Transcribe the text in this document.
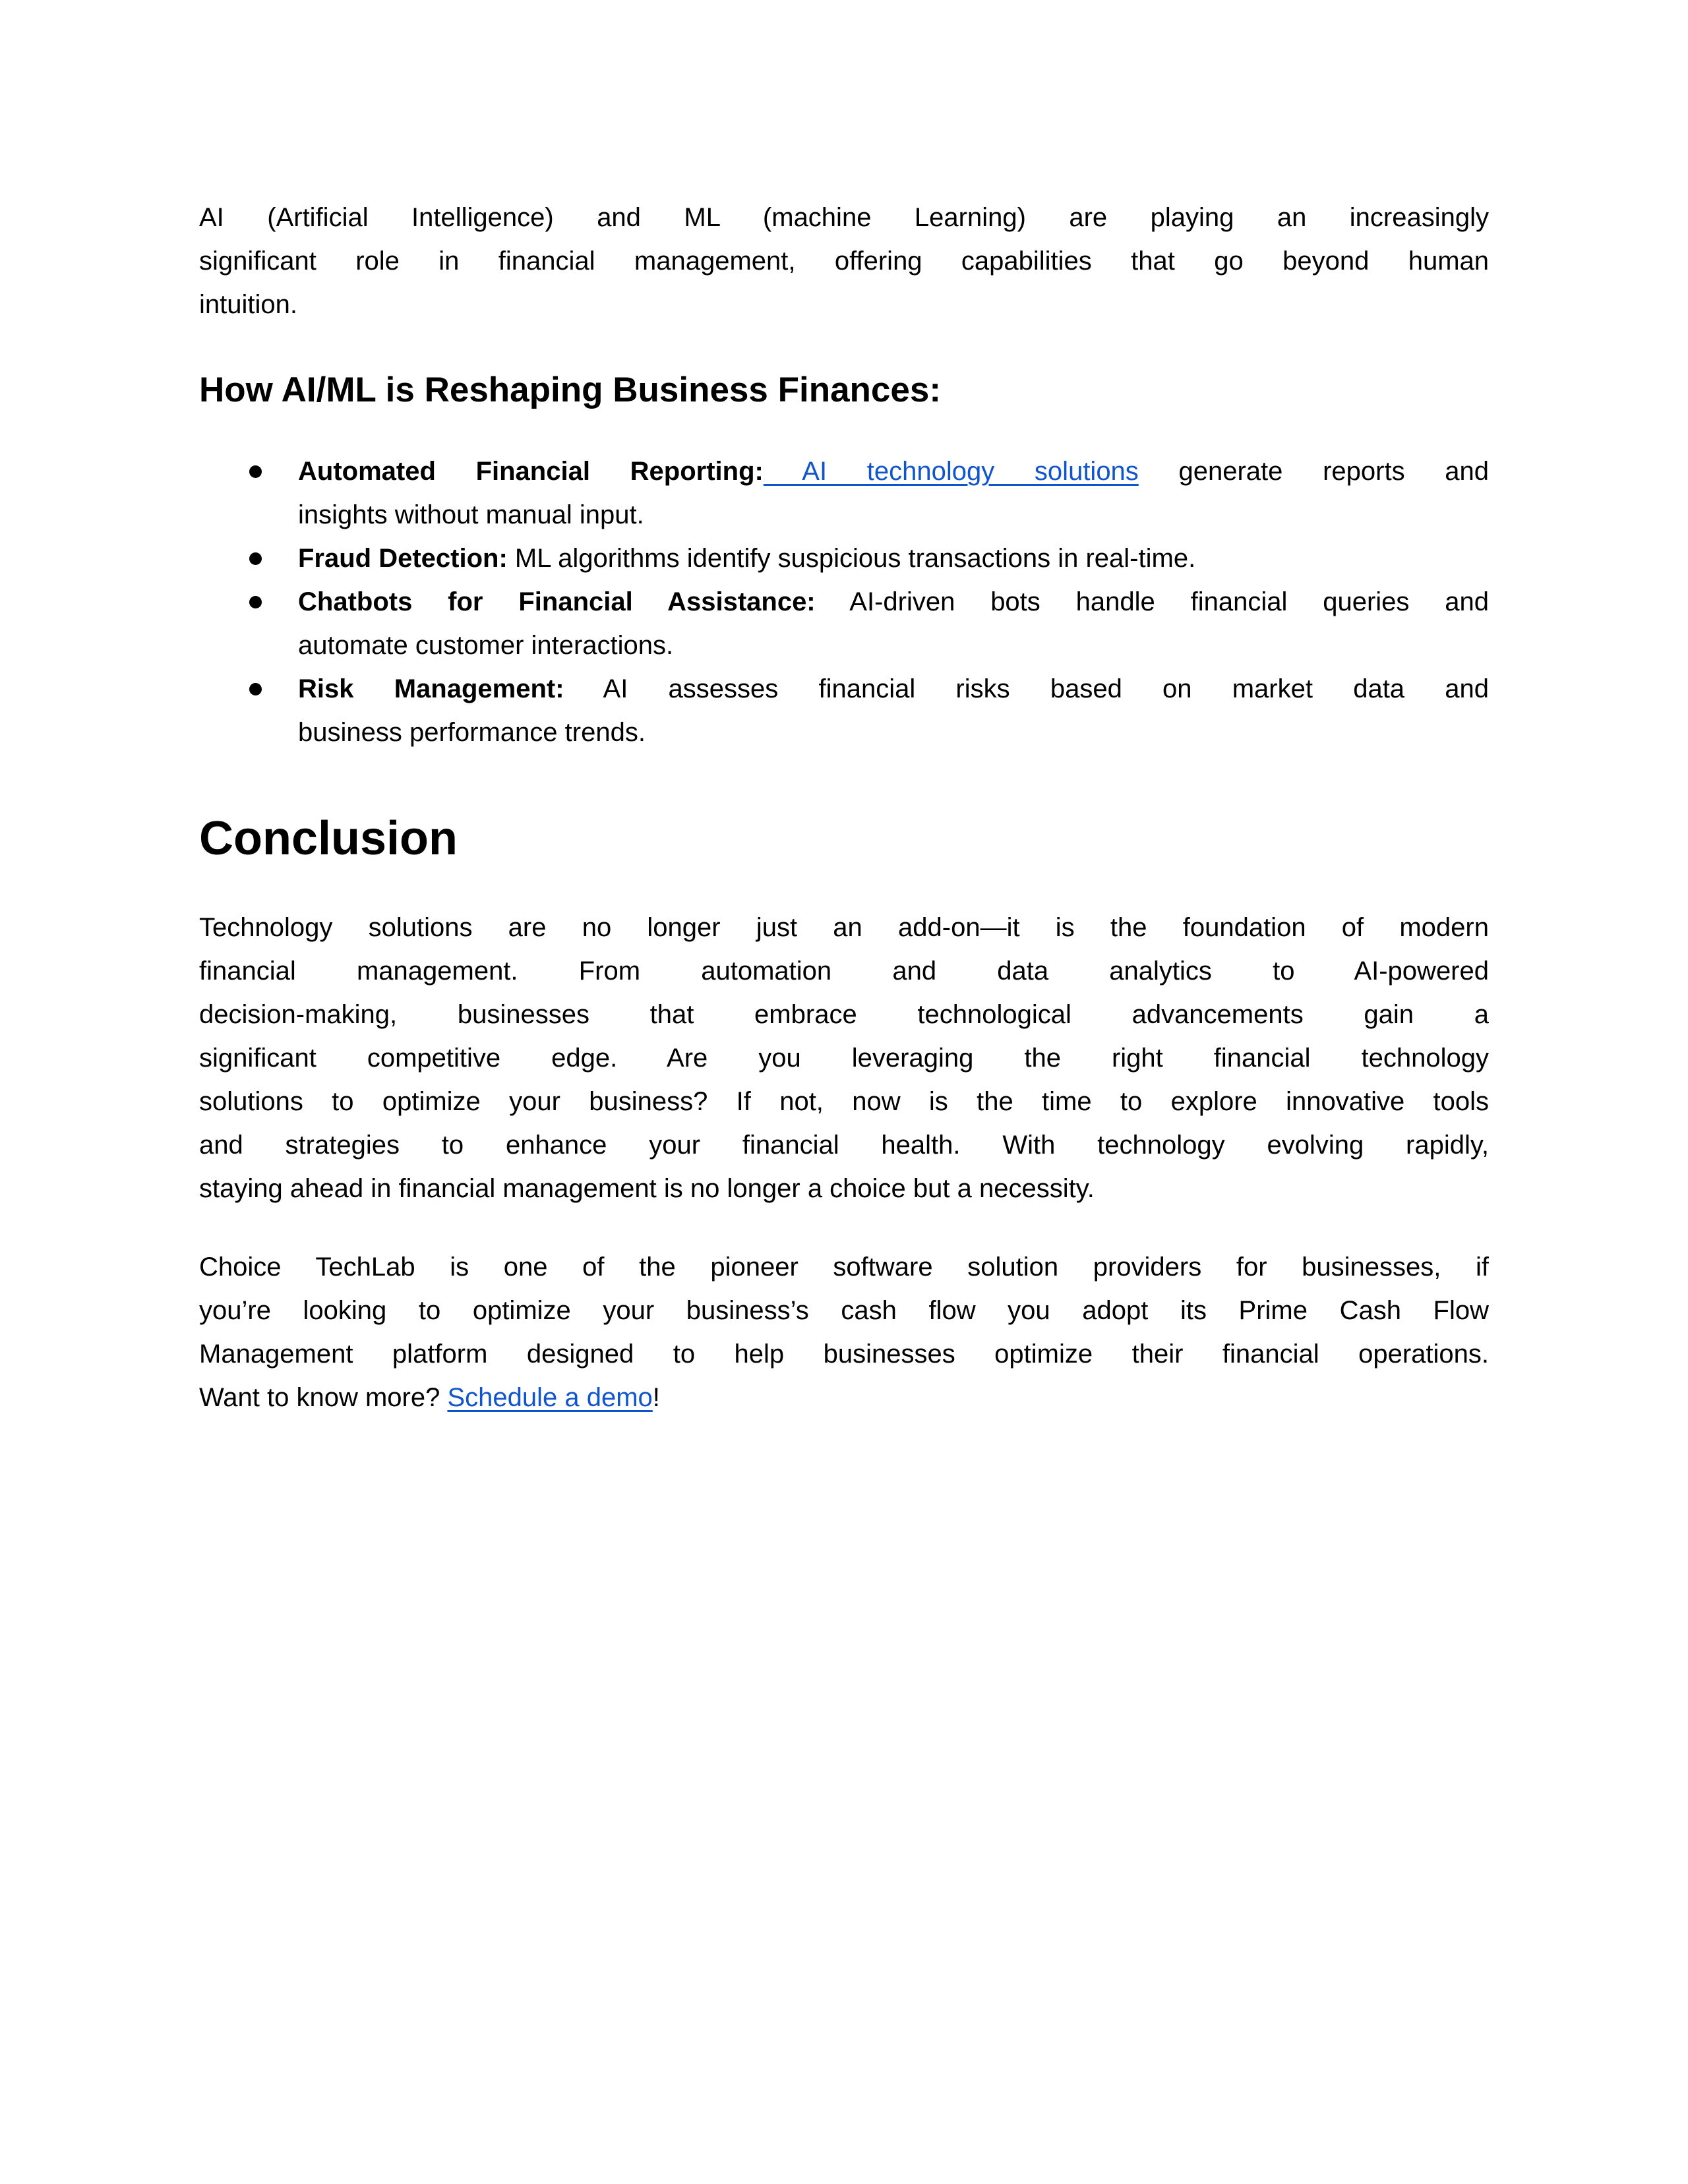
AI (Artificial Intelligence) and ML (machine Learning) are playing an increasingly
significant role in financial management, offering capabilities that go beyond human
intuition.
How AI/ML is Reshaping Business Finances:
Automated Financial Reporting: AI technology solutions generate reports and
insights without manual input.
Fraud Detection: ML algorithms identify suspicious transactions in real-time.
Chatbots for Financial Assistance: AI-driven bots handle financial queries and
automate customer interactions.
Risk Management: AI assesses financial risks based on market data and
business performance trends.
Conclusion
Technology solutions are no longer just an add-on—it is the foundation of modern
financial management. From automation and data analytics to AI-powered
decision-making, businesses that embrace technological advancements gain a
significant competitive edge. Are you leveraging the right financial technology
solutions to optimize your business? If not, now is the time to explore innovative tools
and strategies to enhance your financial health. With technology evolving rapidly,
staying ahead in financial management is no longer a choice but a necessity.
Choice TechLab is one of the pioneer software solution providers for businesses, if
you’re looking to optimize your business’s cash flow you adopt its Prime Cash Flow
Management platform designed to help businesses optimize their financial operations.
Want to know more? Schedule a demo!
